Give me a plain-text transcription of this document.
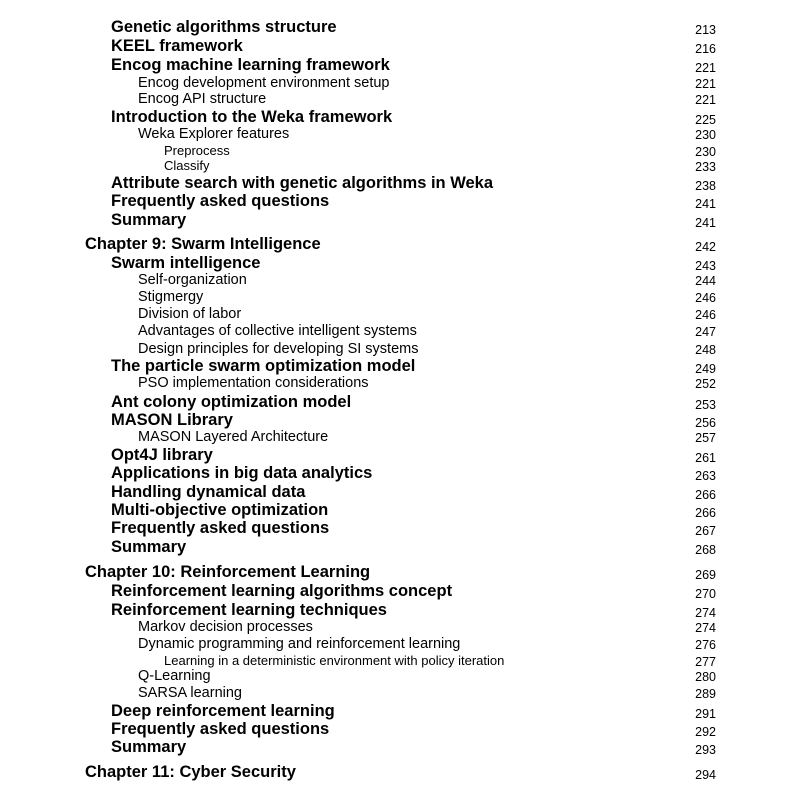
Genetic algorithms structure	213
KEEL framework	216
Encog machine learning framework	221
Encog development environment setup	221
Encog API structure	221
Introduction to the Weka framework	225
Weka Explorer features	230
Preprocess	230
Classify	233
Attribute search with genetic algorithms in Weka	238
Frequently asked questions	241
Summary	241
Chapter 9: Swarm Intelligence	242
Swarm intelligence	243
Self-organization	244
Stigmergy	246
Division of labor	246
Advantages of collective intelligent systems	247
Design principles for developing SI systems	248
The particle swarm optimization model	249
PSO implementation considerations	252
Ant colony optimization model	253
MASON Library	256
MASON Layered Architecture	257
Opt4J library	261
Applications in big data analytics	263
Handling dynamical data	266
Multi-objective optimization	266
Frequently asked questions	267
Summary	268
Chapter 10: Reinforcement Learning	269
Reinforcement learning algorithms concept	270
Reinforcement learning techniques	274
Markov decision processes	274
Dynamic programming and reinforcement learning	276
Learning in a deterministic environment with policy iteration	277
Q-Learning	280
SARSA learning	289
Deep reinforcement learning	291
Frequently asked questions	292
Summary	293
Chapter 11: Cyber Security	294
